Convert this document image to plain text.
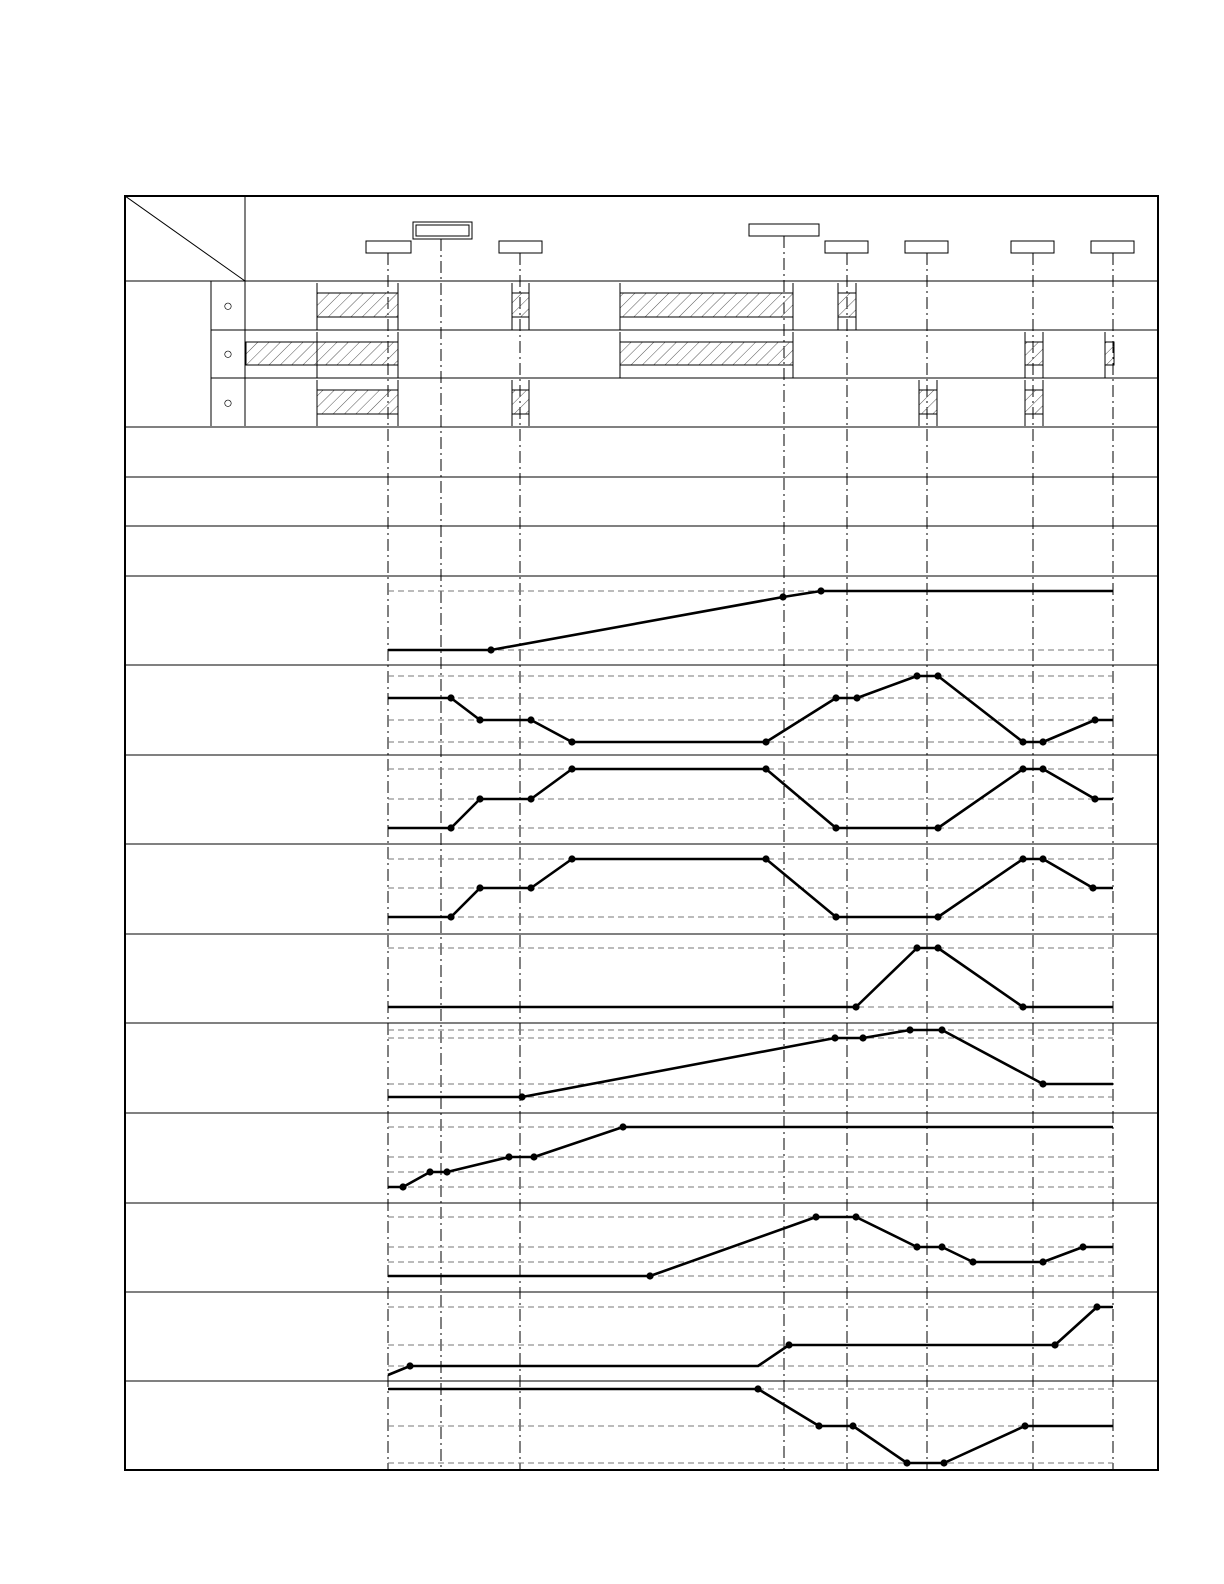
○
○
○
